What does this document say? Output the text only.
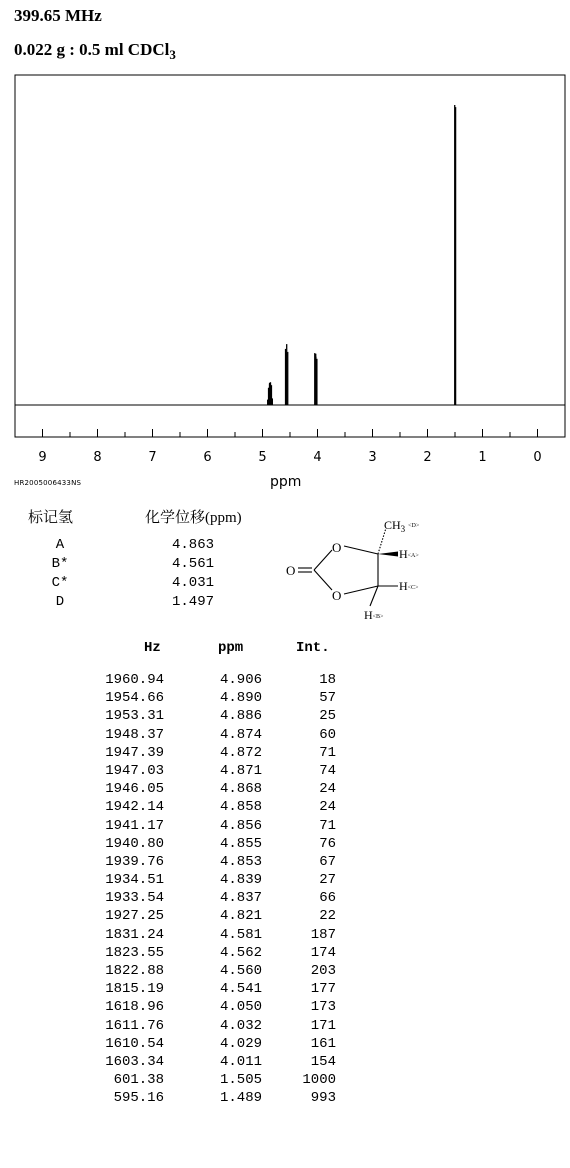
399.65 MHz
0.022 g : 0.5 ml CDCl$_3$
9	8	7	6	5	4	3	2	1	0
ppm
HR2005006433NS
标记氢	化学位移(ppm)
A	4.863
B*	4.561
C*	4.031
D	1.497
O
O
O
$CH_3$ $^{<D>}$
H<A>
H<C>
H<B>
Hz	ppm	Int.
1960.94	4.906	18
1954.66	4.890	57
1953.31	4.886	25
1948.37	4.874	60
1947.39	4.872	71
1947.03	4.871	74
1946.05	4.868	24
1942.14	4.858	24
1941.17	4.856	71
1940.80	4.855	76
1939.76	4.853	67
1934.51	4.839	27
1933.54	4.837	66
1927.25	4.821	22
1831.24	4.581	187
1823.55	4.562	174
1822.88	4.560	203
1815.19	4.541	177
1618.96	4.050	173
1611.76	4.032	171
1610.54	4.029	161
1603.34	4.011	154
601.38	1.505	1000
595.16	1.489	993
